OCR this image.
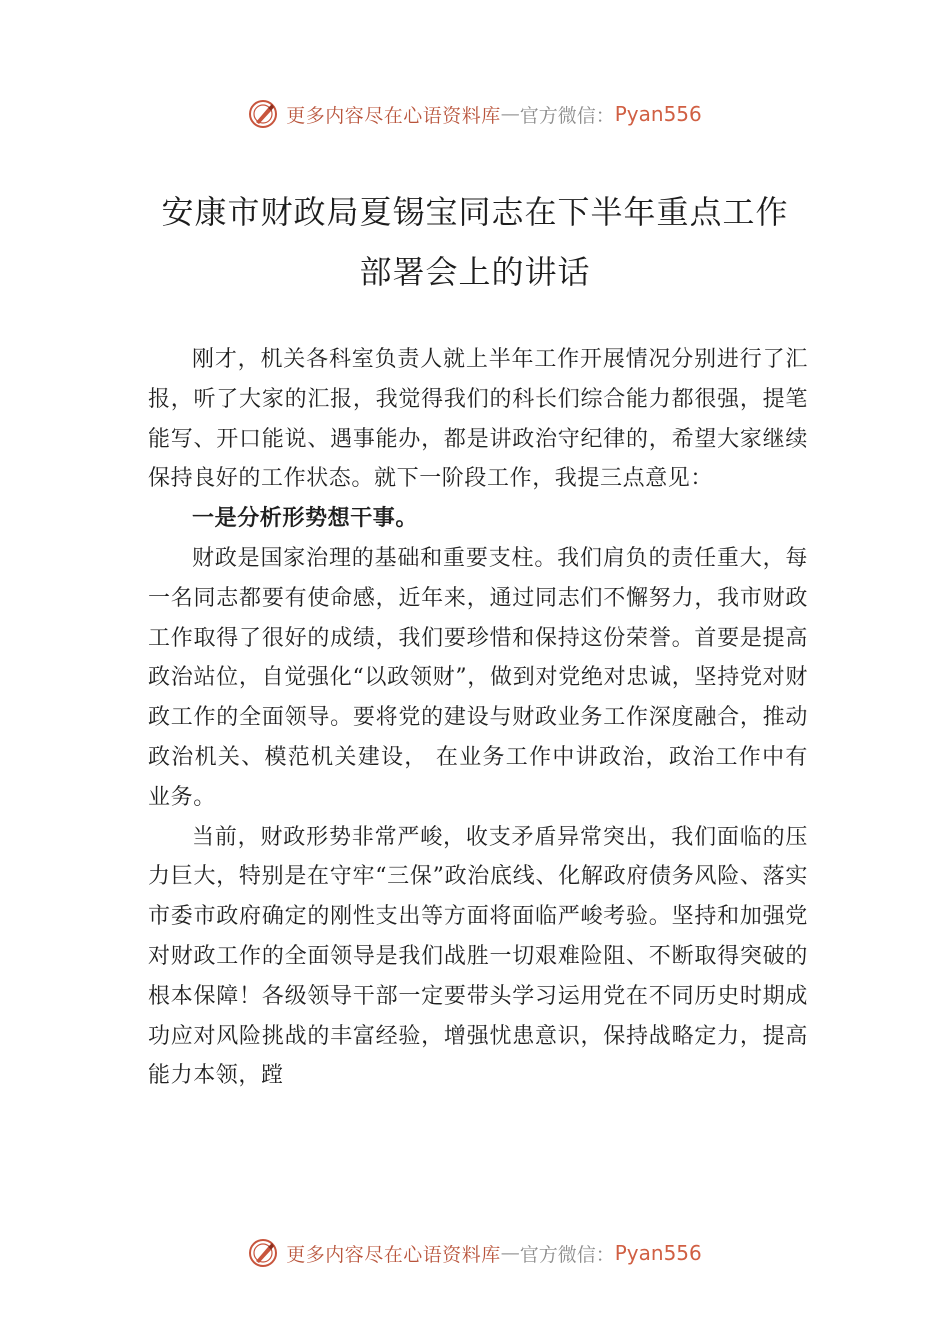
更多内容尽在心语资料库 — 官方微信： Pyan556
安康市财政局夏锡宝同志在下半年重点工作部署会上的讲话

刚才，机关各科室负责人就上半年工作开展情况分别进行了汇报，听了大家的汇报，我觉得我们的科长们综合能力都很强，提笔能写、开口能说、遇事能办，都是讲政治守纪律的，希望大家继续保持良好的工作状态。就下一阶段工作，我提三点意见：

一是分析形势想干事。

财政是国家治理的基础和重要支柱。我们肩负的责任重大，每一名同志都要有使命感，近年来，通过同志们不懈努力，我市财政工作取得了很好的成绩，我们要珍惜和保持这份荣誉。首要是提高政治站位，自觉强化“以政领财”，做到对党绝对忠诚，坚持党对财政工作的全面领导。要将党的建设与财政业务工作深度融合，推动政治机关、模范机关建设， 在业务工作中讲政治，政治工作中有业务。

当前，财政形势非常严峻，收支矛盾异常突出，我们面临的压力巨大，特别是在守牢“三保”政治底线、化解政府债务风险、落实市委市政府确定的刚性支出等方面将面临严峻考验。坚持和加强党对财政工作的全面领导是我们战胜一切艰难险阻、不断取得突破的根本保障！各级领导干部一定要带头学习运用党在不同历史时期成功应对风险挑战的丰富经验，增强忧患意识，保持战略定力，提高能力本领，蹚

更多内容尽在心语资料库 — 官方微信： Pyan556
